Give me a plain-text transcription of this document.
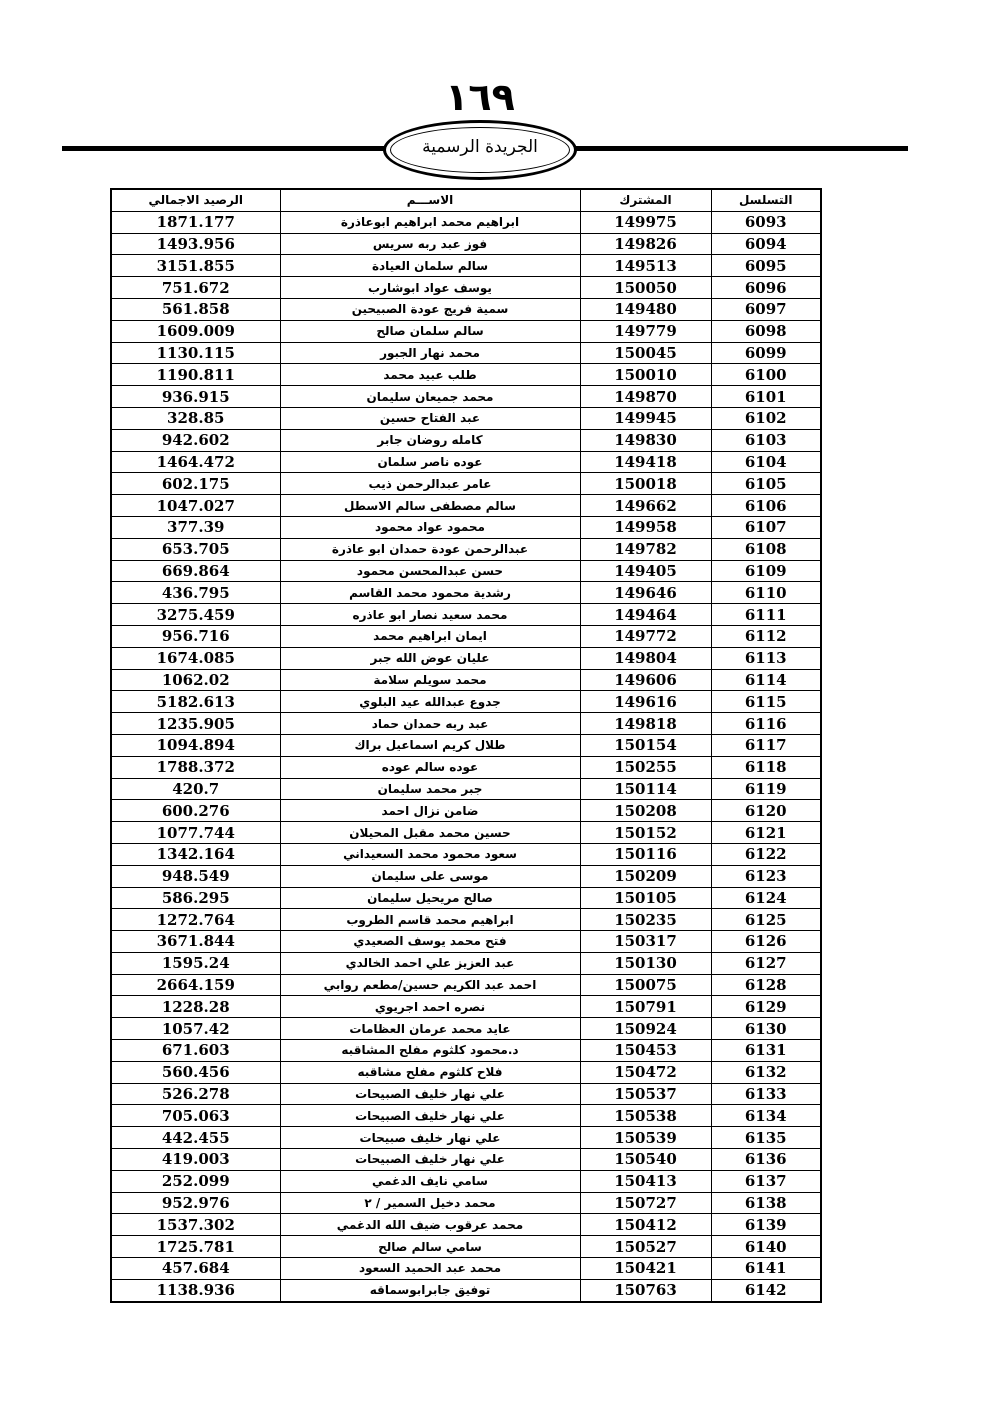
١٦٩
الجريدة الرسمية
الرصيد الاجمالي	الاســـم	المشترك	التسلسل
1871.177	ابراهيم محمد ابراهيم ابوعاذرة	149975	6093
1493.956	فوز عبد ربه سريس	149826	6094
3151.855	سالم سلمان العيادة	149513	6095
751.672	يوسف عواد ابوشارب	150050	6096
561.858	سمية فريج عودة الصبيحين	149480	6097
1609.009	سالم سلمان صالح	149779	6098
1130.115	محمد نهار الجبور	150045	6099
1190.811	طلب عبيد محمد	150010	6100
936.915	محمد جميعان سليمان	149870	6101
328.85	عبد الفتاح حسين	149945	6102
942.602	كامله روضان جابر	149830	6103
1464.472	عوده ناصر سلمان	149418	6104
602.175	عامر عبدالرحمن ذيب	150018	6105
1047.027	سالم مصطفى سالم الاسطل	149662	6106
377.39	محمود عواد محمود	149958	6107
653.705	عبدالرحمن عودة حمدان ابو عاذرة	149782	6108
669.864	حسن عبدالمحسن محمود	149405	6109
436.795	رشدية محمود محمد القاسم	149646	6110
3275.459	محمد سعيد نصار ابو عاذره	149464	6111
956.716	ايمان ابراهيم محمد	149772	6112
1674.085	عليان عوض الله جبر	149804	6113
1062.02	محمد سويلم سلامة	149606	6114
5182.613	جدوع عبدالله عيد البلوي	149616	6115
1235.905	عبد ربه حمدان حماد	149818	6116
1094.894	طلال كريم اسماعيل براك	150154	6117
1788.372	عوده سالم عوده	150255	6118
420.7	جبر محمد سليمان	150114	6119
600.276	ضامن نزال احمد	150208	6120
1077.744	حسين محمد مقبل المحيلان	150152	6121
1342.164	سعود محمود محمد السعيداني	150116	6122
948.549	موسى على سليمان	150209	6123
586.295	صالح مريحيل سليمان	150105	6124
1272.764	ابراهيم محمد قاسم الطروب	150235	6125
3671.844	فتح محمد يوسف الصعيدي	150317	6126
1595.24	عبد العزيز علي احمد الخالدي	150130	6127
2664.159	احمد عبد الكريم حسين/مطعم روابي	150075	6128
1228.28	نصره احمد اجريوي	150791	6129
1057.42	عايد محمد عرمان العظامات	150924	6130
671.603	د.محمود كلثوم مفلح المشاقبه	150453	6131
560.456	فلاح كلثوم مفلح مشاقبه	150472	6132
526.278	علي نهار خليف الصبيحات	150537	6133
705.063	علي نهار خليف الصبيحات	150538	6134
442.455	علي نهار خليف صبيحات	150539	6135
419.003	علي نهار خليف الصبيحات	150540	6136
252.099	سامي نايف الدغمي	150413	6137
952.976	محمد دخيل السمير / ٢	150727	6138
1537.302	محمد عرقوب ضيف الله الدغمي	150412	6139
1725.781	سامي سالم صالح	150527	6140
457.684	محمد عبد الحميد السعود	150421	6141
1138.936	توفيق جابرابوسماقه	150763	6142
